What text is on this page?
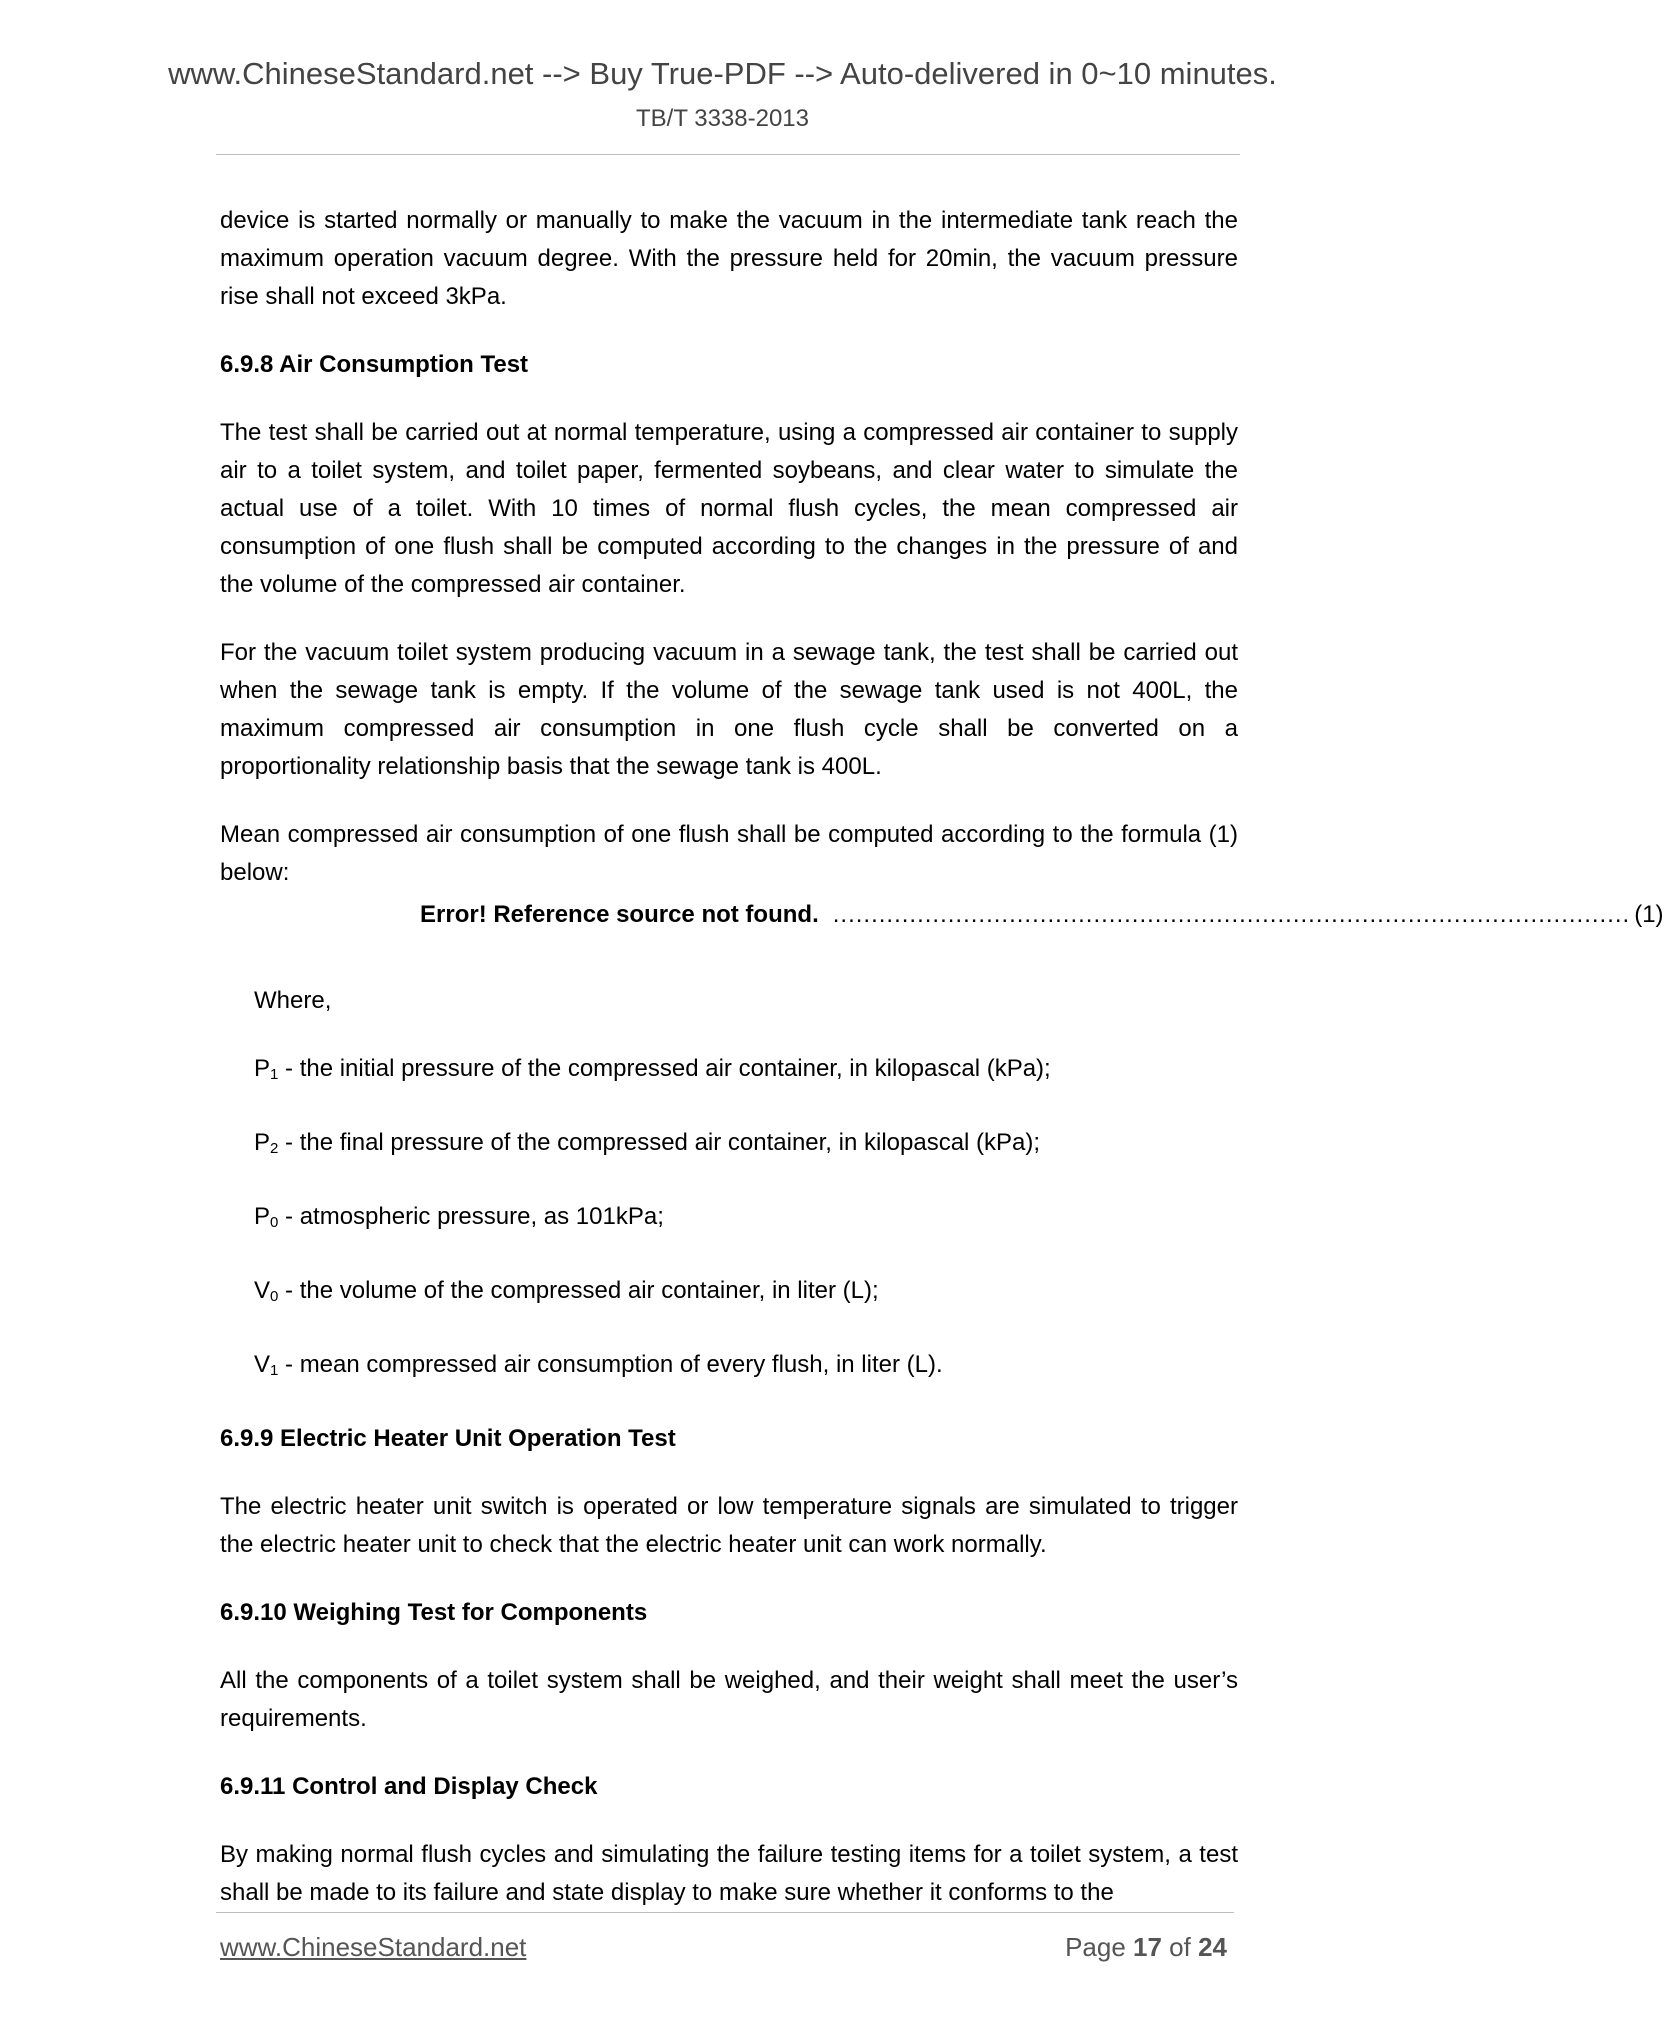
www.ChineseStandard.net --> Buy True-PDF --> Auto-delivered in 0~10 minutes.
TB/T 3338-2013

device is started normally or manually to make the vacuum in the intermediate tank reach the maximum operation vacuum degree. With the pressure held for 20min, the vacuum pressure rise shall not exceed 3kPa.

6.9.8 Air Consumption Test

The test shall be carried out at normal temperature, using a compressed air container to supply air to a toilet system, and toilet paper, fermented soybeans, and clear water to simulate the actual use of a toilet. With 10 times of normal flush cycles, the mean compressed air consumption of one flush shall be computed according to the changes in the pressure of and the volume of the compressed air container.

For the vacuum toilet system producing vacuum in a sewage tank, the test shall be carried out when the sewage tank is empty. If the volume of the sewage tank used is not 400L, the maximum compressed air consumption in one flush cycle shall be converted on a proportionality relationship basis that the sewage tank is 400L.

Mean compressed air consumption of one flush shall be computed according to the formula (1) below:

Error! Reference source not found. ........................................................................................................ (1)
Where,
$P_1$ - the initial pressure of the compressed air container, in kilopascal (kPa);
$P_2$ - the final pressure of the compressed air container, in kilopascal (kPa);
$P_0$ - atmospheric pressure, as 101kPa;
$V_0$ - the volume of the compressed air container, in liter (L);
$V_1$ - mean compressed air consumption of every flush, in liter (L).
6.9.9 Electric Heater Unit Operation Test

The electric heater unit switch is operated or low temperature signals are simulated to trigger the electric heater unit to check that the electric heater unit can work normally.

6.9.10 Weighing Test for Components

All the components of a toilet system shall be weighed, and their weight shall meet the user’s requirements.

6.9.11 Control and Display Check

By making normal flush cycles and simulating the failure testing items for a toilet system, a test shall be made to its failure and state display to make sure whether it conforms to the

www.ChineseStandard.net	Page 17 of 24
